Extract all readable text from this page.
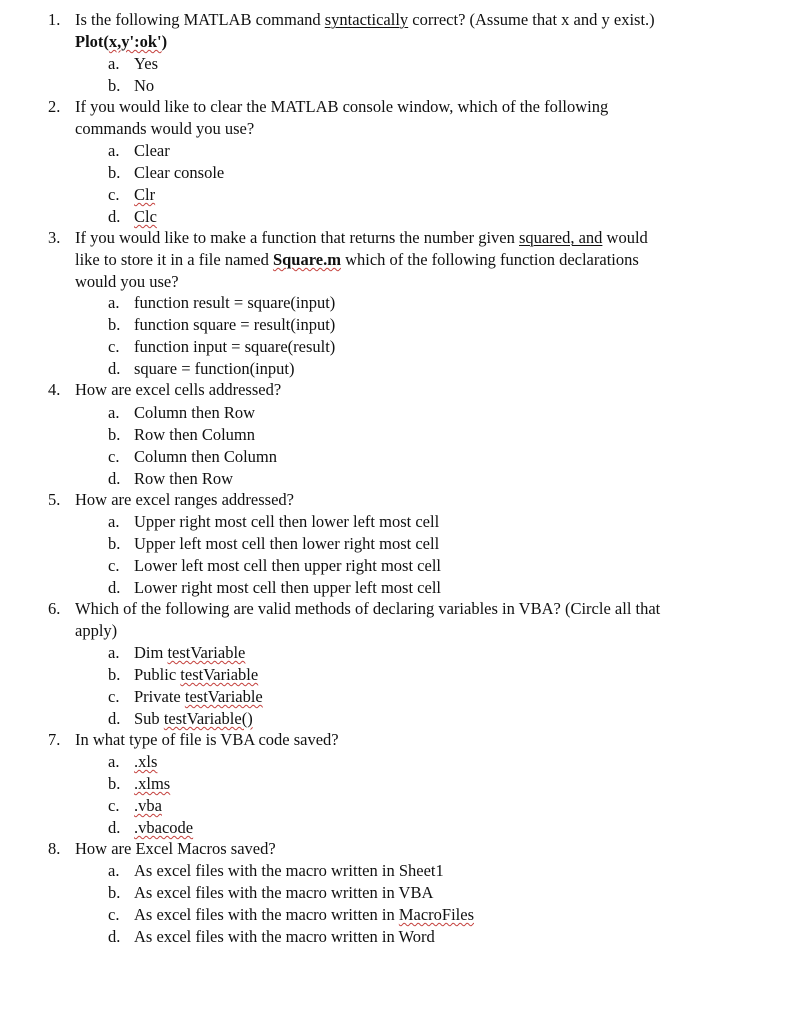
1. Is the following MATLAB command syntactically correct? (Assume that x and y exist.)
Plot(x,y':ok')
a. Yes
b. No
2. If you would like to clear the MATLAB console window, which of the following
commands would you use?
a. Clear
b. Clear console
c. Clr
d. Clc
3. If you would like to make a function that returns the number given squared, and would
like to store it in a file named Square.m which of the following function declarations
would you use?
a. function result = square(input)
b. function square = result(input)
c. function input = square(result)
d. square = function(input)
4. How are excel cells addressed?
a. Column then Row
b. Row then Column
c. Column then Column
d. Row then Row
5. How are excel ranges addressed?
a. Upper right most cell then lower left most cell
b. Upper left most cell then lower right most cell
c. Lower left most cell then upper right most cell
d. Lower right most cell then upper left most cell
6. Which of the following are valid methods of declaring variables in VBA? (Circle all that
apply)
a. Dim testVariable
b. Public testVariable
c. Private testVariable
d. Sub testVariable()
7. In what type of file is VBA code saved?
a. .xls
b. .xlms
c. .vba
d. .vbacode
8. How are Excel Macros saved?
a. As excel files with the macro written in Sheet1
b. As excel files with the macro written in VBA
c. As excel files with the macro written in MacroFiles
d. As excel files with the macro written in Word
